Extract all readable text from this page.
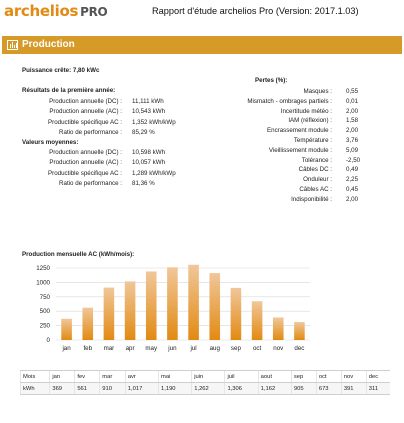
archelios PRO	Rapport d'étude archelios Pro (Version: 2017.1.03)
Production
Puissance crête: 7,80 kWc
Résultats de la première année:
Production annuelle (DC) : 11,111 kWh
Production annuelle (AC) : 10,543 kWh
Productible spécifique AC : 1,352 kWh/kWp
Ratio de performance : 85,29 %
Valeurs moyennes:
Production annuelle (DC) : 10,598 kWh
Production annuelle (AC) : 10,057 kWh
Productible spécifique AC : 1,289 kWh/kWp
Ratio de performance : 81,36 %
Pertes (%):
Masques : 0,55
Mismatch - ombrages partiels : 0,01
Incertitude météo : 2,00
IAM (réflexion) : 1,58
Encrassement module : 2,00
Température : 3,76
Vieillissement module : 5,09
Tolérance : -2,50
Câbles DC : 0,49
Onduleur : 2,25
Câbles AC : 0,45
Indisponibilité : 2,00
Production mensuelle AC (kWh/mois):
0
250
500
750
1000
1250
jan feb mar apr may jun jul aug sep oct nov dec
Mois	jan	fev	mar	avr	mai	juin	juil	aout	sep	oct	nov	dec
kWh	369	561	910	1,017	1,190	1,262	1,306	1,162	905	673	391	311
